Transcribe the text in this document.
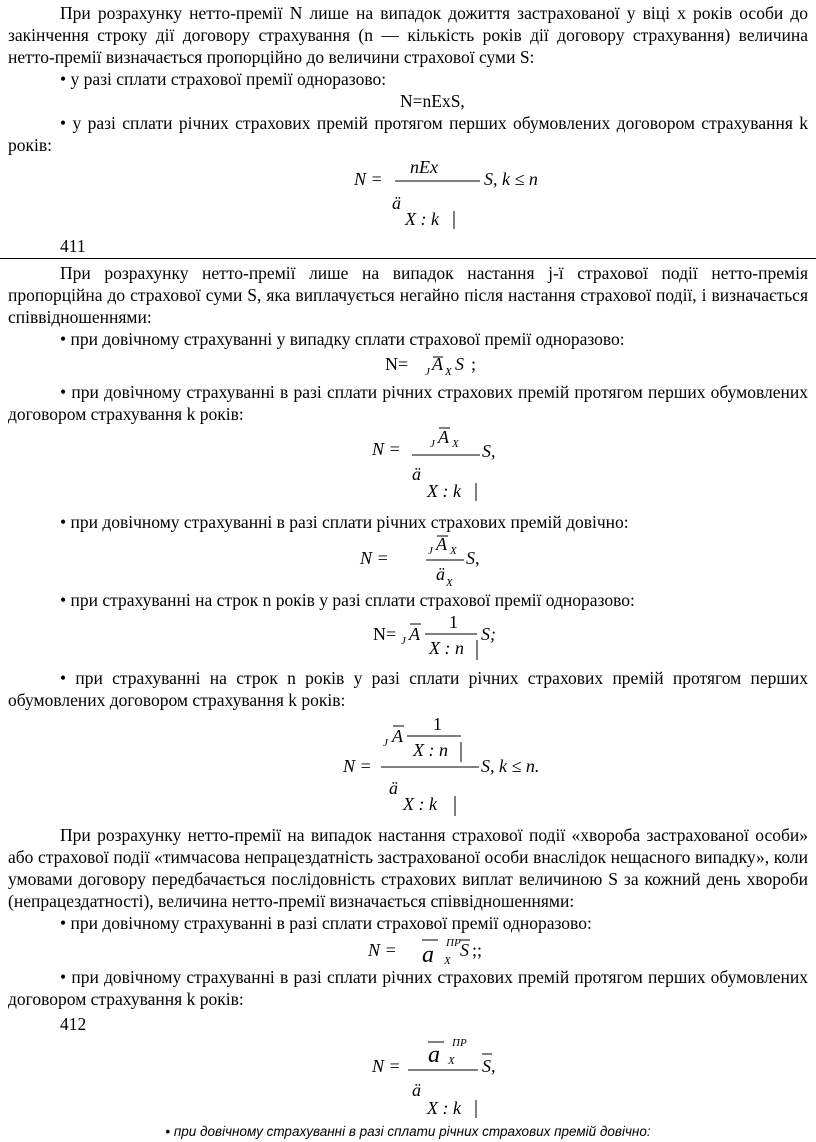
При розрахунку нетто-премії N лише на випадок дожиття застрахованої у віці x років особи до закінчення строку дії договору страхування (n — кількість років дії договору страхування) величина нетто-премії визначається пропорційно до величини страхової суми S:

• у разі сплати страхової премії одноразово:

N=nExS,

• у разі сплати річних страхових премій протягом перших обумовлених договором страхування k років:

N =
nEx
ä
X : k
S, k ≤ n
411

При розрахунку нетто-премії лише на випадок настання j-ї страхової події нетто-премія пропорційна до страхової суми S, яка виплачується негайно після настання страхової події, і визначається співвідношеннями:

• при довічному страхуванні у випадку сплати страхової премії одноразово:

N= J A X S ;

• при довічному страхуванні в разі сплати річних страхових премій протягом перших обумовлених договором страхування k років:

N =	J A X
ä
X : k
S,

• при довічному страхуванні в разі сплати річних страхових премій довічно:

N =	J A X
ä X
S,

• при страхуванні на строк n років у разі сплати страхової премії одноразово:

N= J A
1
X : n
S;

• при страхуванні на строк n років у разі сплати річних страхових премій протягом перших обумовлених договором страхування k років:

N =
J A
1
X : n
ä
X : k
S, k ≤ n.

При розрахунку нетто-премії на випадок настання страхової події «хвороба застрахованої особи» або страхової події «тимчасова непрацездатність застрахованої особи внаслідок нещасного випадку», коли умовами договору передбачається послідовність страхових виплат величиною S за кожний день хвороби (непрацездатності), величина нетто-премії визначається співвідношеннями:

• при довічному страхуванні в разі сплати страхової премії одноразово:

N = a ПР
X
S ;;

• при довічному страхуванні в разі сплати річних страхових премій протягом перших обумовлених договором страхування k років:

412
N = a ПР
X
ä
X : k
S,
• при довічному страхуванні в разі сплати річних страхових премій довічно:
